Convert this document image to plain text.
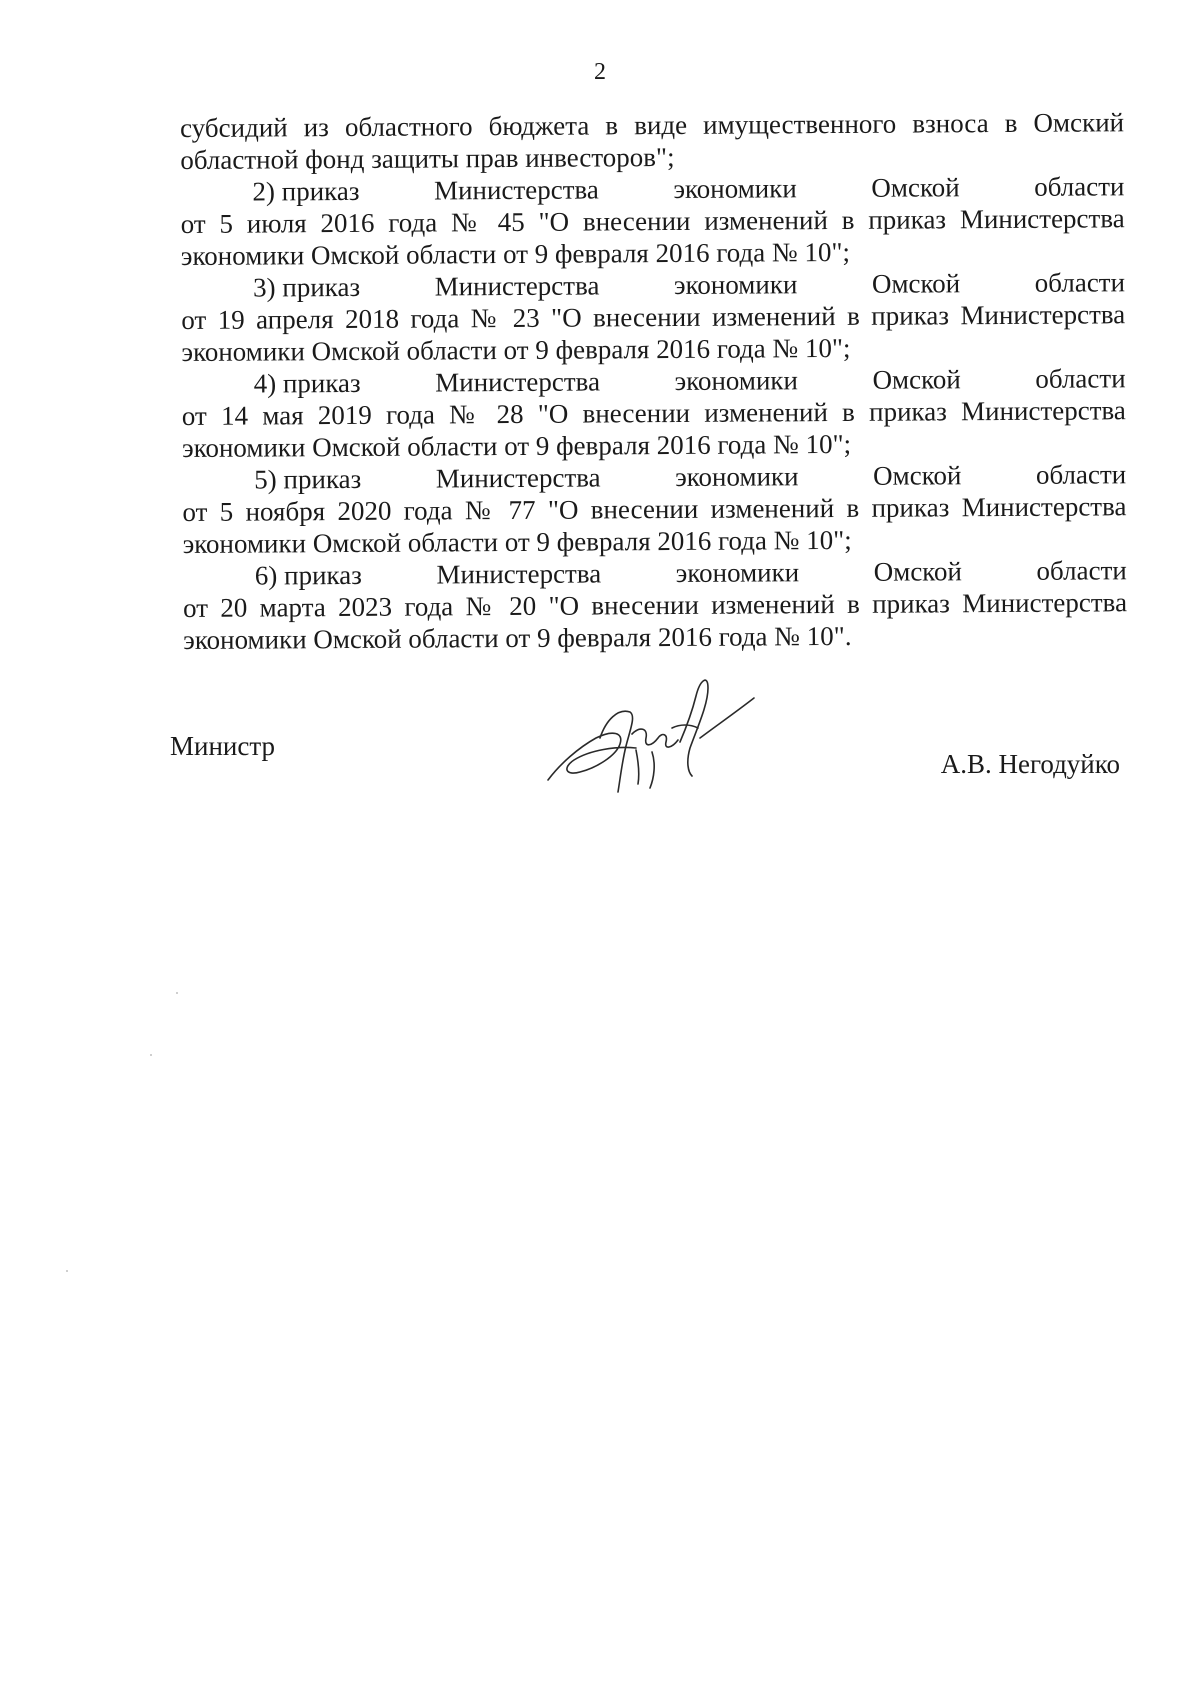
2
субсидий из областного бюджета в виде имущественного взноса в Омский
областной фонд защиты прав инвесторов";
2) приказ	Министерства	экономики	Омской	области
от 5 июля 2016 года № 45 "О внесении изменений в приказ Министерства
экономики Омской области от 9 февраля 2016 года № 10";
3) приказ	Министерства	экономики	Омской	области
от 19 апреля 2018 года № 23 "О внесении изменений в приказ Министерства
экономики Омской области от 9 февраля 2016 года № 10";
4) приказ	Министерства	экономики	Омской	области
от 14 мая 2019 года № 28 "О внесении изменений в приказ Министерства
экономики Омской области от 9 февраля 2016 года № 10";
5) приказ	Министерства	экономики	Омской	области
от 5 ноября 2020 года № 77 "О внесении изменений в приказ Министерства
экономики Омской области от 9 февраля 2016 года № 10";
6) приказ	Министерства	экономики	Омской	области
от 20 марта 2023 года № 20 "О внесении изменений в приказ Министерства
экономики Омской области от 9 февраля 2016 года № 10".
Министр
А.В. Негодуйко
